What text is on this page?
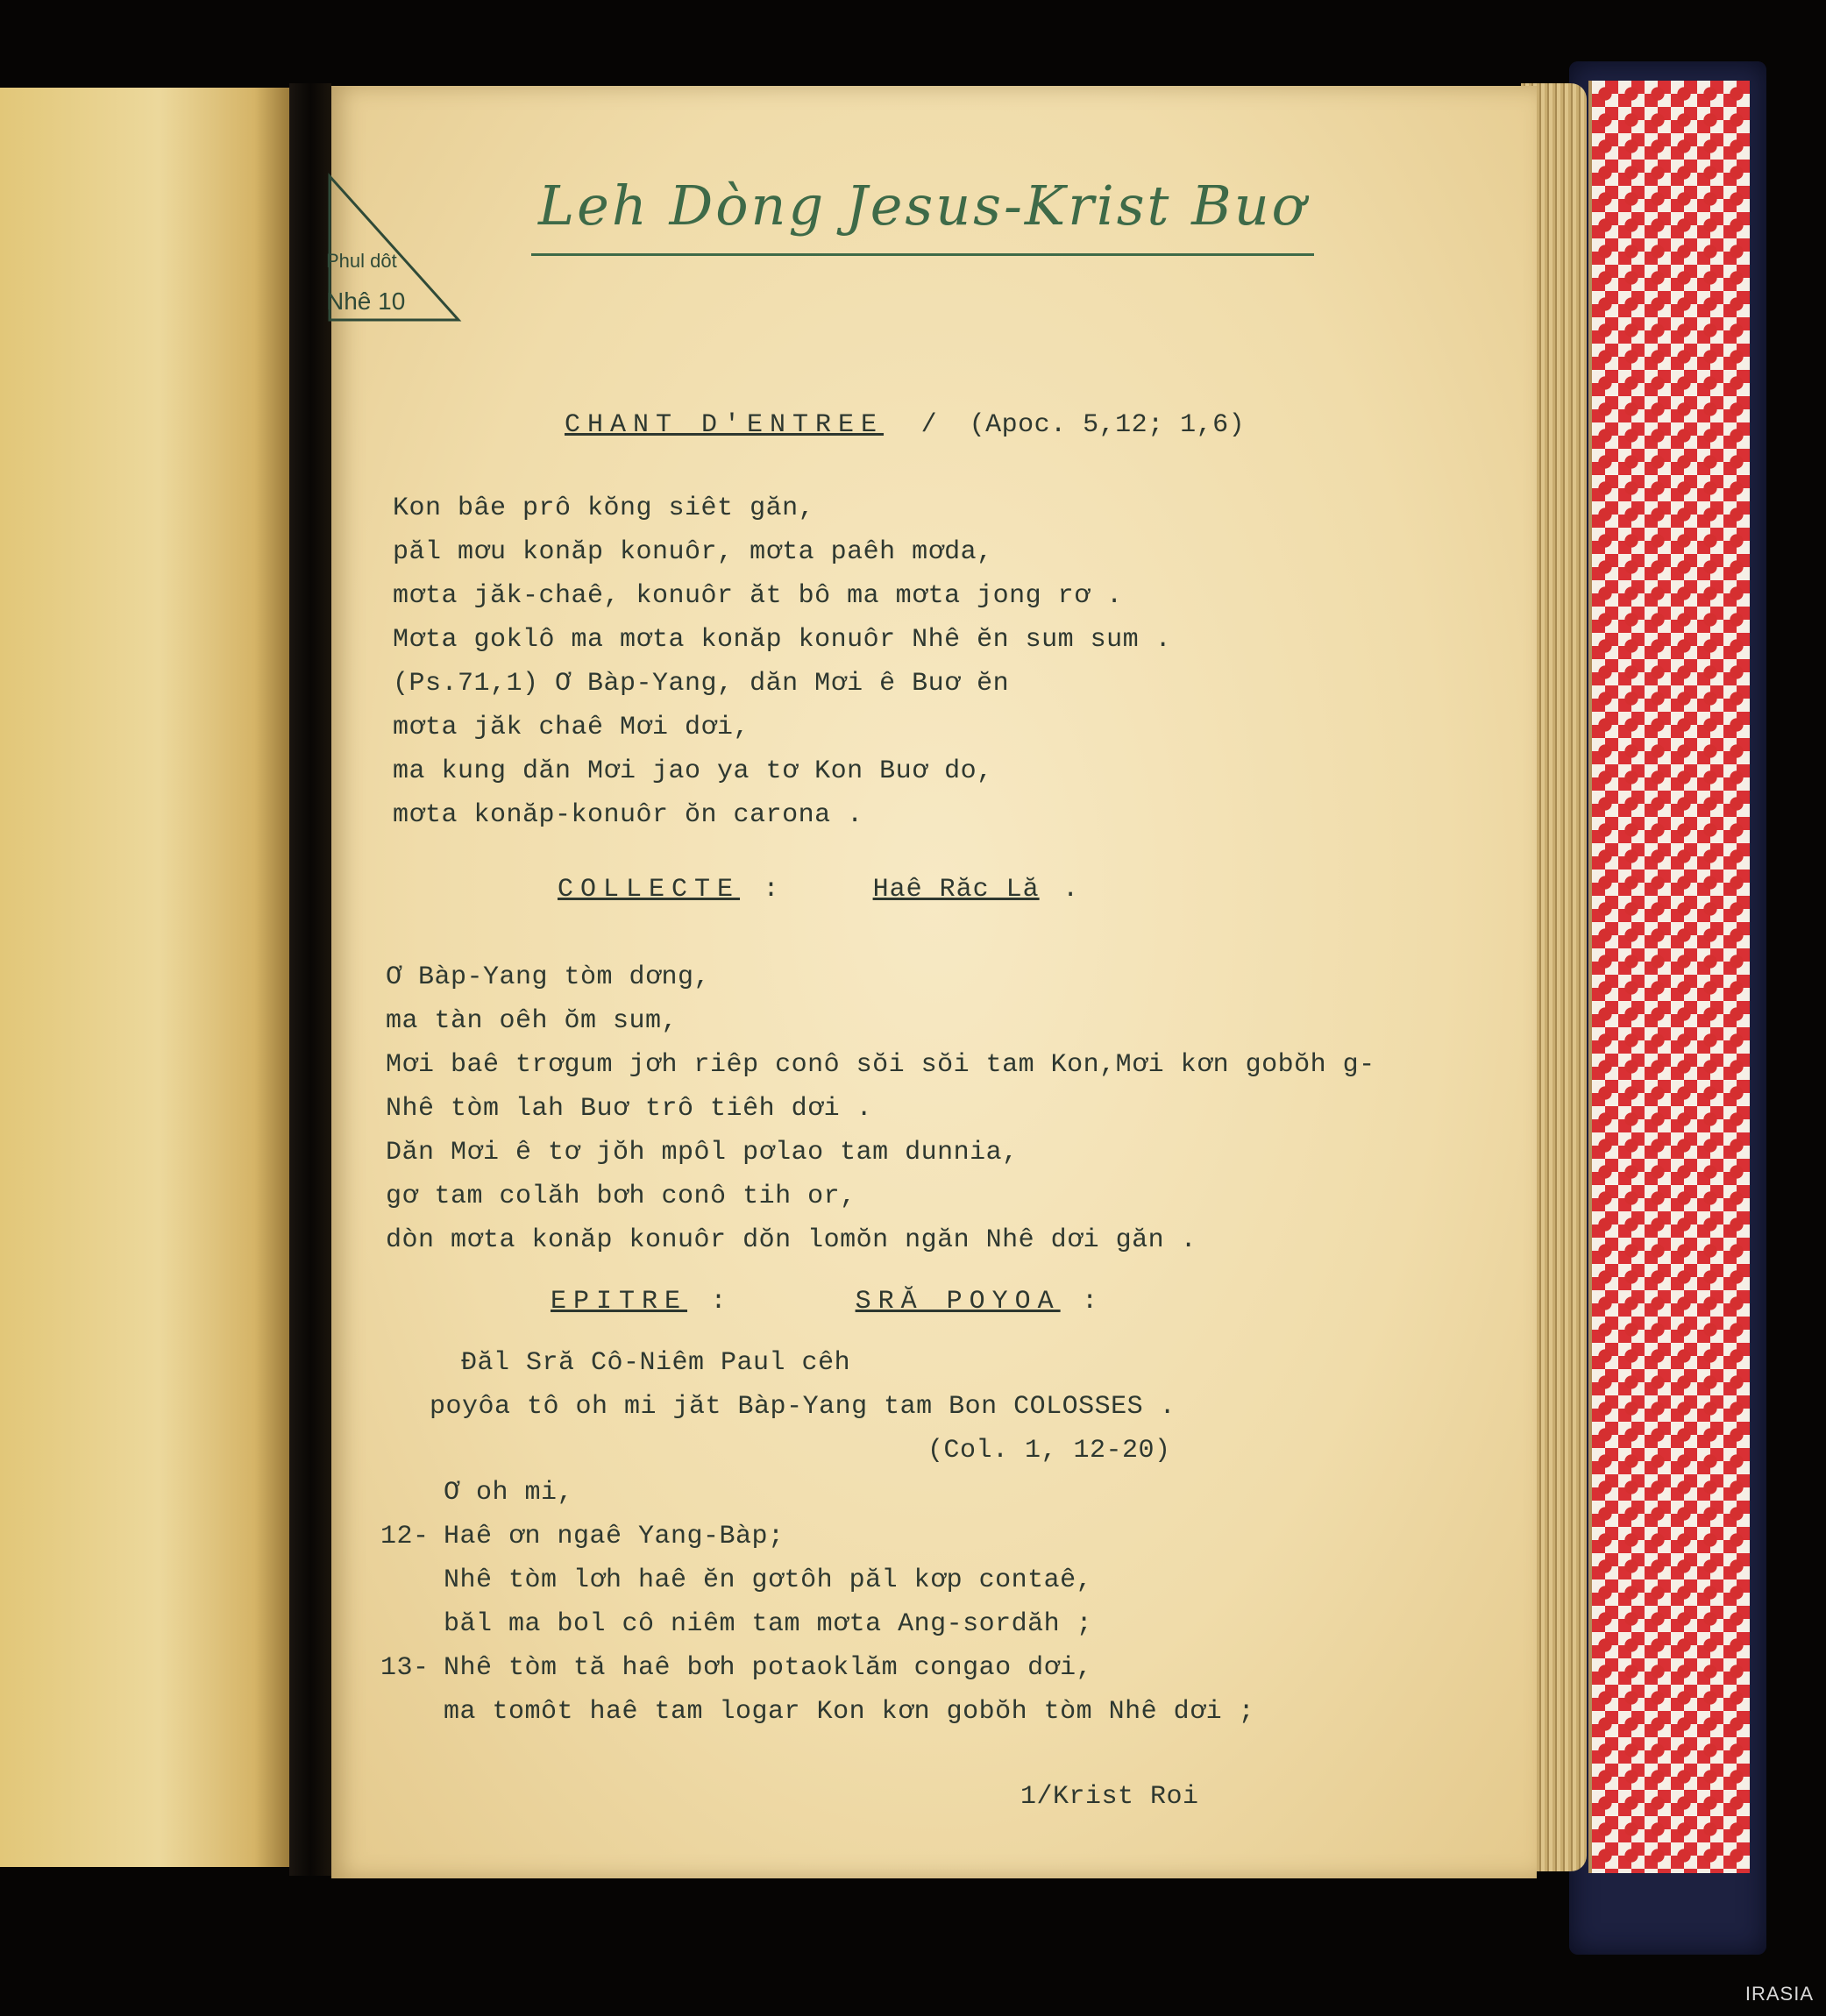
Phul dôt
Nhê 10
Leh Dòng Jesus-Krist Buơ
CHANT D'ENTREE / (Apoc. 5,12; 1,6)
Kon bâe prô kŏng siêt găn,
păl mơu konăp konuôr, mơta paêh mơda,
mơta jăk-chaê, konuôr ăt bô ma mơta jong rơ .
Mơta goklô ma mơta konăp konuôr Nhê ĕn sum sum .
(Ps.71,1) Ơ Bàp-Yang, dăn Mơi ê Buơ ĕn
mơta jăk chaê Mơi dơi,
ma kung dăn Mơi jao ya tơ Kon Buơ do,
mơta konăp-konuôr ŏn carona .
COLLECTE :	Haê Răc Lă .
Ơ Bàp-Yang tòm dơng,
ma tàn oêh ŏm sum,
Mơi baê trơgum jơh riêp conô sŏi sŏi tam Kon,Mơi kơn gobŏh g-
Nhê tòm lah Buơ trô tiêh dơi .
Dăn Mơi ê tơ jŏh mpôl pơlao tam dunnia,
gơ tam colăh bơh conô tih or,
dòn mơta konăp konuôr dŏn lomŏn ngăn Nhê dơi găn .
EPITRE :	SRĂ POYOA :
Đăl Sră Cô-Niêm Paul cêh
poyôa tô oh mi jăt Bàp-Yang tam Bon COLOSSES .
(Col. 1, 12-20)
Ơ oh mi,
12- Haê ơn ngaê Yang-Bàp;
Nhê tòm lơh haê ĕn gơtôh păl kơp contaê,
băl ma bol cô niêm tam mơta Ang-sordăh ;
13- Nhê tòm tă haê bơh potaoklăm congao dơi,
ma tomôt haê tam logar Kon kơn gobŏh tòm Nhê dơi ;
1/Krist Roi
IRASIA
